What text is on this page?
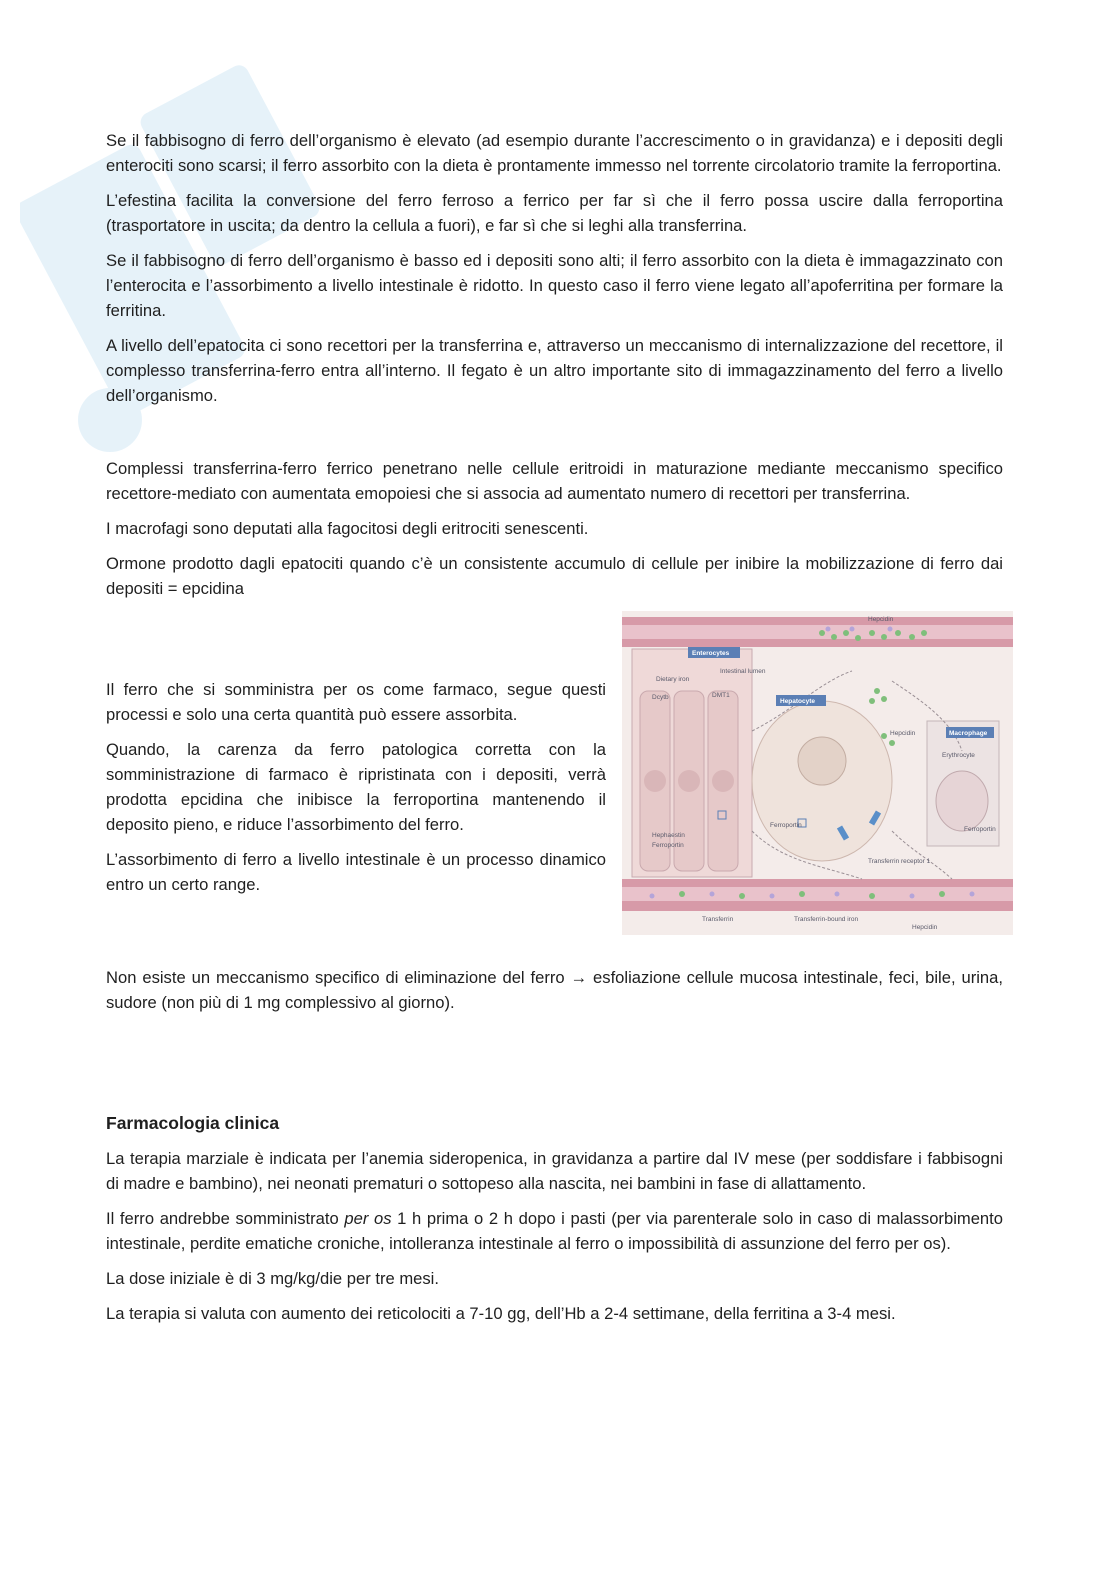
Se il fabbisogno di ferro dell’organismo è elevato (ad esempio durante l’accrescimento o in gravidanza) e i depositi degli enterociti sono scarsi; il ferro assorbito con la dieta è prontamente immesso nel torrente circolatorio tramite la ferroportina.

L’efestina facilita la conversione del ferro ferroso a ferrico per far sì che il ferro possa uscire dalla ferroportina (trasportatore in uscita; da dentro la cellula a fuori), e far sì che si leghi alla transferrina.

Se il fabbisogno di ferro dell’organismo è basso ed i depositi sono alti; il ferro assorbito con la dieta è immagazzinato con l’enterocita e l’assorbimento a livello intestinale è ridotto. In questo caso il ferro viene legato all’apoferritina per formare la ferritina.

A livello dell’epatocita ci sono recettori per la transferrina e, attraverso un meccanismo di internalizzazione del recettore, il complesso transferrina-ferro entra all’interno. Il fegato è un altro importante sito di immagazzinamento del ferro a livello dell’organismo.

Complessi transferrina-ferro ferrico penetrano nelle cellule eritroidi in maturazione mediante meccanismo specifico recettore-mediato con aumentata emopoiesi che si associa ad aumentato numero di recettori per transferrina.

I macrofagi sono deputati alla fagocitosi degli eritrociti senescenti.

Ormone prodotto dagli epatociti quando c’è un consistente accumulo di cellule per inibire la mobilizzazione di ferro dai depositi = epcidina

Il ferro che si somministra per os come farmaco, segue questi processi e solo una certa quantità può essere assorbita.

Quando, la carenza da ferro patologica corretta con la somministrazione di farmaco è ripristinata con i depositi, verrà prodotta epcidina che inibisce la ferroportina mantenendo il deposito pieno, e riduce l’assorbimento del ferro.

L’assorbimento di ferro a livello intestinale è un processo dinamico entro un certo range.

Enterocytes
Hepatocyte
Macrophage
Hepcidin
Dietary iron
Intestinal lumen
Dcytb	DMT1
Hepcidin
Erythrocyte
Hephaestin
Ferroportin
Ferroportin
Ferroportin
Transferrin receptor 1
Transferrin	Transferrin-bound iron
Hepcidin

Non esiste un meccanismo specifico di eliminazione del ferro → esfoliazione cellule mucosa intestinale, feci, bile, urina, sudore (non più di 1 mg complessivo al giorno).

Farmacologia clinica

La terapia marziale è indicata per l’anemia sideropenica, in gravidanza a partire dal IV mese (per soddisfare i fabbisogni di madre e bambino), nei neonati prematuri o sottopeso alla nascita, nei bambini in fase di allattamento.

Il ferro andrebbe somministrato per os 1 h prima o 2 h dopo i pasti (per via parenterale solo in caso di malassorbimento intestinale, perdite ematiche croniche, intolleranza intestinale al ferro o impossibilità di assunzione del ferro per os).

La dose iniziale è di 3 mg/kg/die per tre mesi.

La terapia si valuta con aumento dei reticolociti a 7-10 gg, dell’Hb a 2-4 settimane, della ferritina a 3-4 mesi.
